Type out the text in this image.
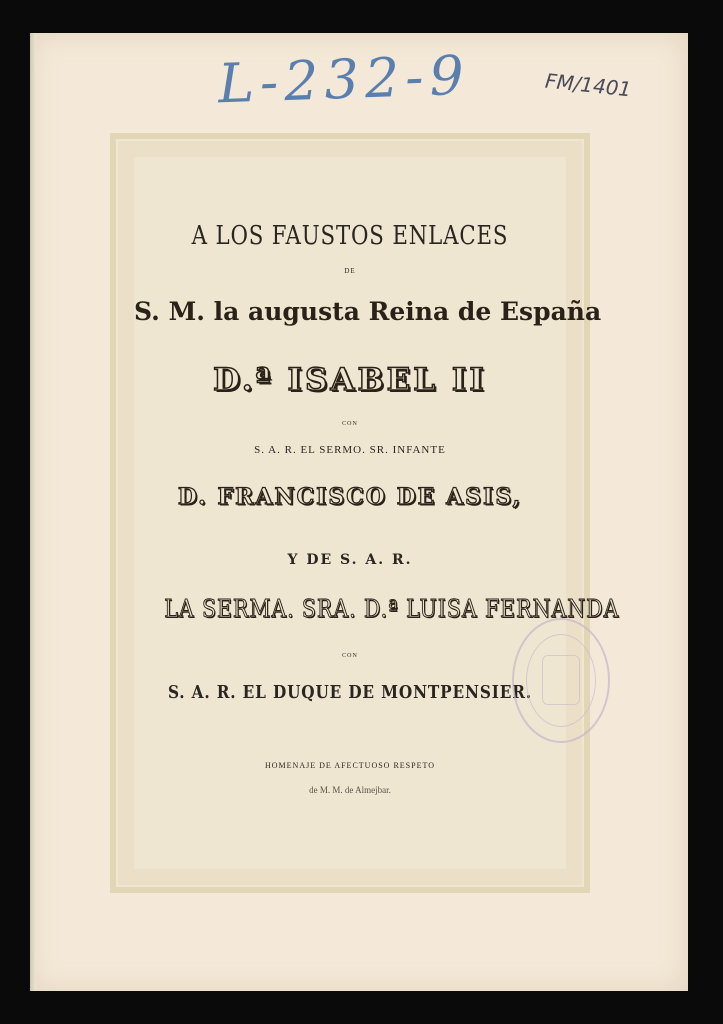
L-232-9	FM/1401
A LOS FAUSTOS ENLACES
DE
S. M. la augusta Reina de España
D.ª ISABEL II
CON
S. A. R. EL SERMO. SR. INFANTE
D. FRANCISCO DE ASIS,
Y DE S. A. R.
LA SERMA. SRA. D.ª LUISA FERNANDA
CON
S. A. R. EL DUQUE DE MONTPENSIER.
HOMENAJE DE AFECTUOSO RESPETO
de M. M. de Almejbar.
